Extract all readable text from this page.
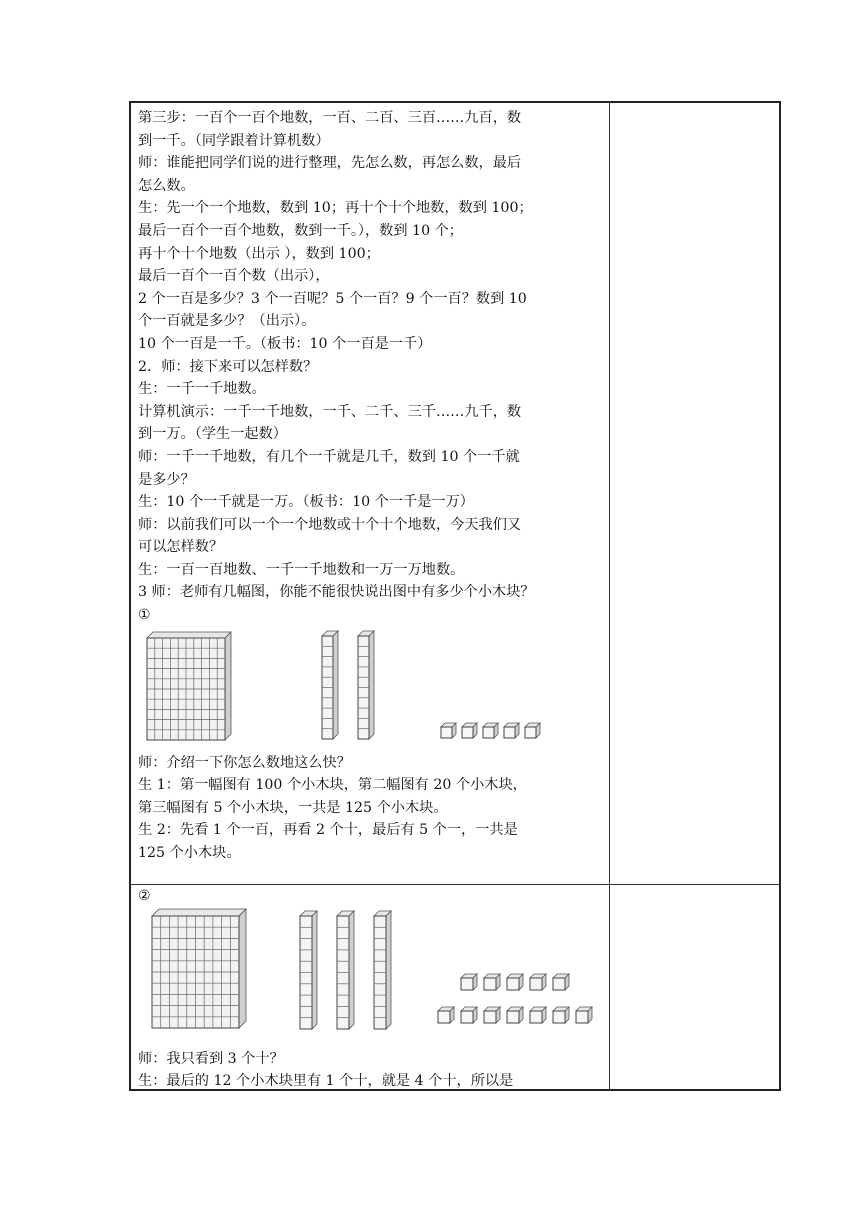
第三步：一百个一百个地数，一百、二百、三百……九百，数
到一千。（同学跟着计算机数）
师：谁能把同学们说的进行整理，先怎么数，再怎么数，最后
怎么数。
生：先一个一个地数，数到 10；再十个十个地数，数到 100；
最后一百个一百个地数，数到一千。），数到 10 个；
再十个十个地数（出示 ），数到 100；
最后一百个一百个数（出示），
2 个一百是多少？3 个一百呢？5 个一百？9 个一百？数到 10
个一百就是多少？（出示）。
10 个一百是一千。（板书：10 个一百是一千）
2．师：接下来可以怎样数？
生：一千一千地数。
计算机演示：一千一千地数，一千、二千、三千……九千，数
到一万。（学生一起数）
师：一千一千地数，有几个一千就是几千，数到 10 个一千就
是多少？
生：10 个一千就是一万。（板书：10 个一千是一万）
师：以前我们可以一个一个地数或十个十个地数，今天我们又
可以怎样数？
生：一百一百地数、一千一千地数和一万一万地数。
3 师：老师有几幅图，你能不能很快说出图中有多少个小木块？
①
师：介绍一下你怎么数地这么快？
生 1：第一幅图有 100 个小木块，第二幅图有 20 个小木块，
第三幅图有 5 个小木块，一共是 125 个小木块。
生 2：先看 1 个一百，再看 2 个十，最后有 5 个一，一共是
125 个小木块。
②
师：我只看到 3 个十？
生：最后的 12 个小木块里有 1 个十，就是 4 个十，所以是
